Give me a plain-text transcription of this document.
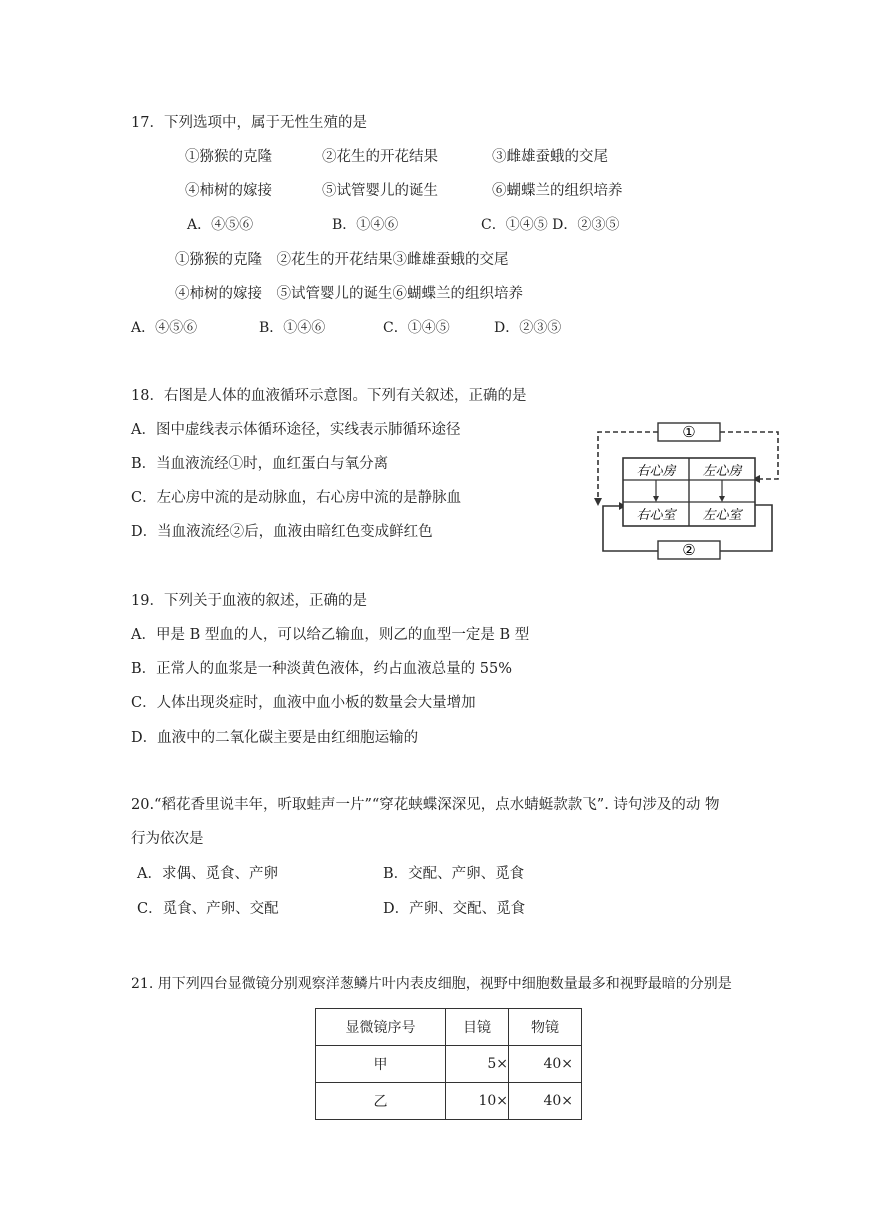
17．下列选项中，属于无性生殖的是
①猕猴的克隆	②花生的开花结果	③雌雄蚕蛾的交尾
④柿树的嫁接	⑤试管婴儿的诞生	⑥蝴蝶兰的组织培养
A．④⑤⑥	B．①④⑥	C．①④⑤ D．②③⑤
①猕猴的克隆　②花生的开花结果③雌雄蚕蛾的交尾
④柿树的嫁接　⑤试管婴儿的诞生⑥蝴蝶兰的组织培养
A．④⑤⑥	B．①④⑥	C．①④⑤	D．②③⑤
18．右图是人体的血液循环示意图。下列有关叙述，正确的是
A．图中虚线表示体循环途径，实线表示肺循环途径
B．当血液流经①时，血红蛋白与氧分离
C．左心房中流的是动脉血，右心房中流的是静脉血
D．当血液流经②后，血液由暗红色变成鲜红色
①
②
右心房 左心房
右心室 左心室
19．下列关于血液的叙述，正确的是
A．甲是 B 型血的人，可以给乙输血，则乙的血型一定是 B 型
B．正常人的血浆是一种淡黄色液体，约占血液总量的 55%
C．人体出现炎症时，血液中血小板的数量会大量增加
D．血液中的二氧化碳主要是由红细胞运输的
20.“稻花香里说丰年，听取蛙声一片”“穿花蛱蝶深深见，点水蜻蜓款款飞”. 诗句涉及的动 物
行为依次是
A．求偶、觅食、产卵	B．交配、产卵、觅食
C．觅食、产卵、交配	D．产卵、交配、觅食
21. 用下列四台显微镜分别观察洋葱鳞片叶内表皮细胞，视野中细胞数量最多和视野最暗的分别是
显微镜序号	目镜	物镜
甲	5×	40×
乙	10×	40×
